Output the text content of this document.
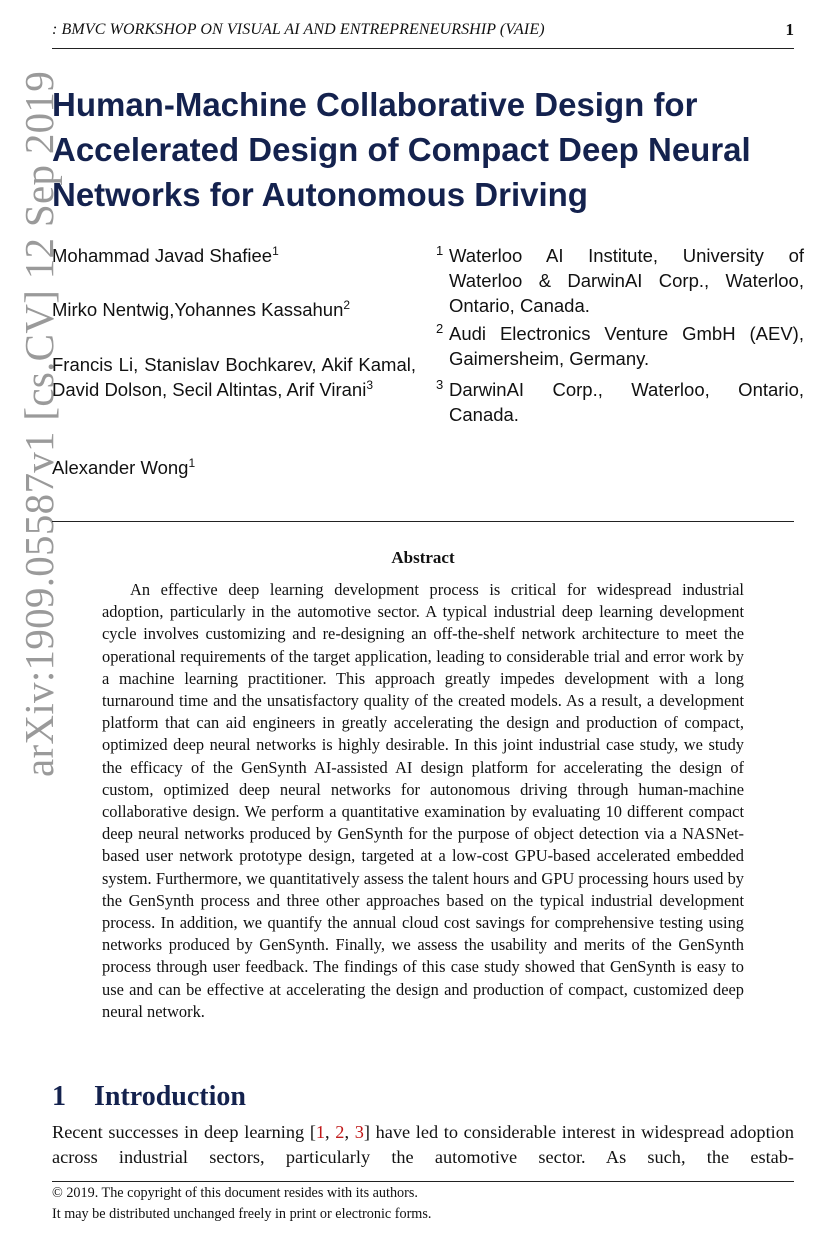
: BMVC WORKSHOP ON VISUAL AI AND ENTREPRENEURSHIP (VAIE)	1
arXiv:1909.05587v1 [cs.CV] 12 Sep 2019
Human-Machine Collaborative Design for Accelerated Design of Compact Deep Neural Networks for Autonomous Driving
Mohammad Javad Shafiee$^1$
Mirko Nentwig,Yohannes Kassahun$^2$
Francis Li, Stanislav Bochkarev, Akif Kamal, David Dolson, Secil Altintas, Arif Virani$^3$
Alexander Wong$^1$
$^1$ Waterloo AI Institute, University of Waterloo & DarwinAI Corp., Waterloo, Ontario, Canada.
$^2$ Audi Electronics Venture GmbH (AEV), Gaimersheim, Germany.
$^3$ DarwinAI Corp., Waterloo, Ontario, Canada.
Abstract

An effective deep learning development process is critical for widespread industrial adoption, particularly in the automotive sector. A typical industrial deep learning development cycle involves customizing and re-designing an off-the-shelf network architecture to meet the operational requirements of the target application, leading to considerable trial and error work by a machine learning practitioner. This approach greatly impedes development with a long turnaround time and the unsatisfactory quality of the created models. As a result, a development platform that can aid engineers in greatly accelerating the design and production of compact, optimized deep neural networks is highly desirable. In this joint industrial case study, we study the efficacy of the GenSynth AI-assisted AI design platform for accelerating the design of custom, optimized deep neural networks for autonomous driving through human-machine collaborative design. We perform a quantitative examination by evaluating 10 different compact deep neural networks produced by GenSynth for the purpose of object detection via a NASNet-based user network prototype design, targeted at a low-cost GPU-based accelerated embedded system. Furthermore, we quantitatively assess the talent hours and GPU processing hours used by the GenSynth process and three other approaches based on the typical industrial development process. In addition, we quantify the annual cloud cost savings for comprehensive testing using networks produced by GenSynth. Finally, we assess the usability and merits of the GenSynth process through user feedback. The findings of this case study showed that GenSynth is easy to use and can be effective at accelerating the design and production of compact, customized deep neural network.

1 Introduction

Recent successes in deep learning [1, 2, 3] have led to considerable interest in widespread adoption across industrial sectors, particularly the automotive sector. As such, the estab-

© 2019. The copyright of this document resides with its authors.
It may be distributed unchanged freely in print or electronic forms.
